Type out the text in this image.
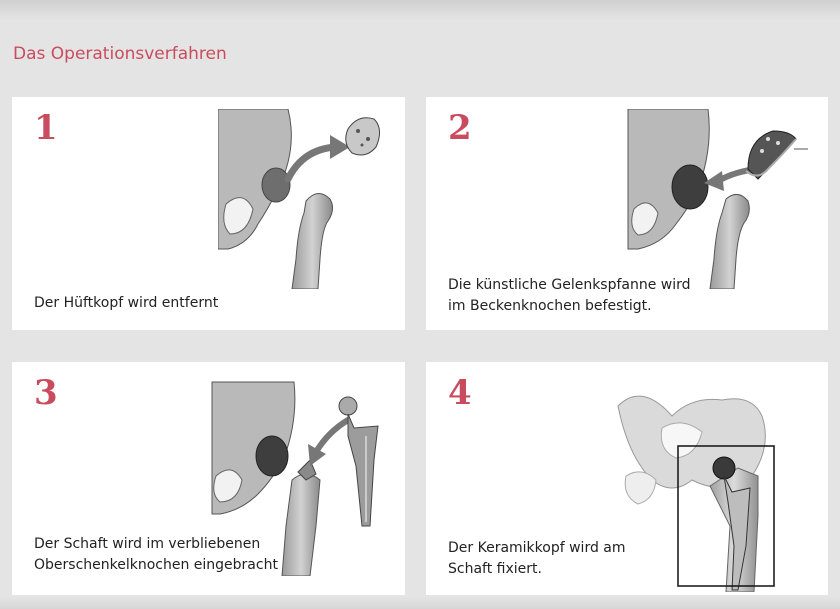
Das Operationsverfahren
1
Der Hüftkopf wird entfernt
2
Die künstliche Gelenkspfanne wird
im Beckenknochen befestigt.
3
Der Schaft wird im verbliebenen
Oberschenkelknochen eingebracht
4
Der Keramikkopf wird am
Schaft fixiert.
